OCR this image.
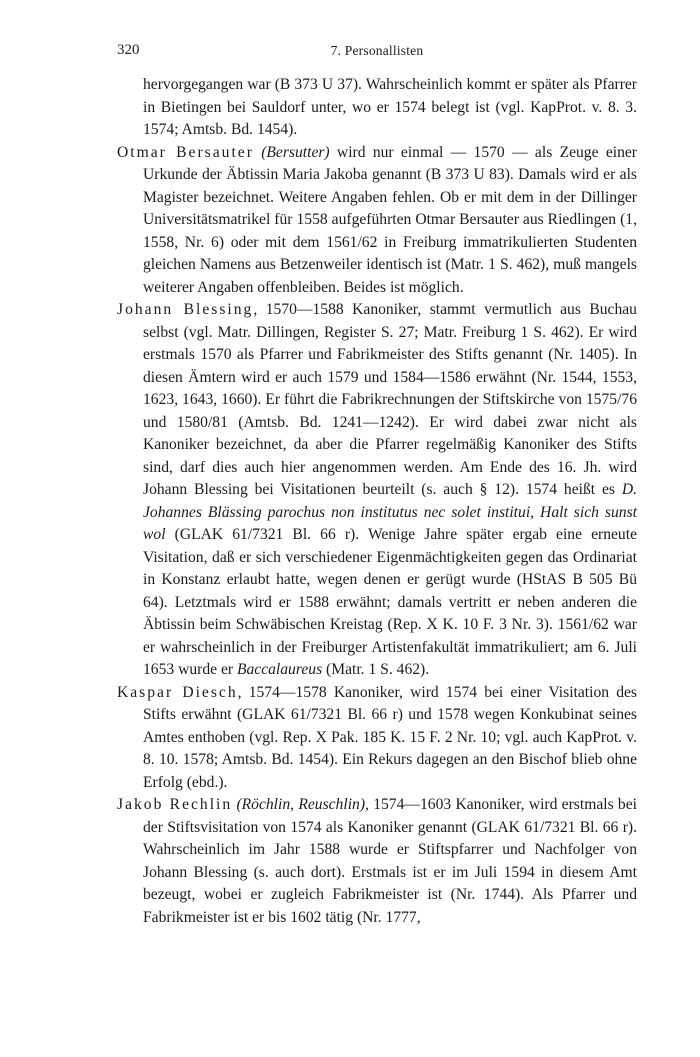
320	7. Personallisten

hervorgegangen war (B 373 U 37). Wahrscheinlich kommt er später als Pfarrer in Bietingen bei Sauldorf unter, wo er 1574 belegt ist (vgl. KapProt. v. 8. 3. 1574; Amtsb. Bd. 1454).

Otmar Bersauter (Bersutter) wird nur einmal — 1570 — als Zeuge einer Urkunde der Äbtissin Maria Jakoba genannt (B 373 U 83). Damals wird er als Magister bezeichnet. Weitere Angaben fehlen. Ob er mit dem in der Dillinger Universitätsmatrikel für 1558 aufgeführten Otmar Bersauter aus Riedlingen (1, 1558, Nr. 6) oder mit dem 1561/62 in Freiburg immatrikulierten Studenten gleichen Namens aus Betzenweiler identisch ist (Matr. 1 S. 462), muß mangels weiterer Angaben offenbleiben. Beides ist möglich.

Johann Blessing, 1570—1588 Kanoniker, stammt vermutlich aus Buchau selbst (vgl. Matr. Dillingen, Register S. 27; Matr. Freiburg 1 S. 462). Er wird erstmals 1570 als Pfarrer und Fabrikmeister des Stifts genannt (Nr. 1405). In diesen Ämtern wird er auch 1579 und 1584—1586 erwähnt (Nr. 1544, 1553, 1623, 1643, 1660). Er führt die Fabrikrechnungen der Stiftskirche von 1575/76 und 1580/81 (Amtsb. Bd. 1241—1242). Er wird dabei zwar nicht als Kanoniker bezeichnet, da aber die Pfarrer regelmäßig Kanoniker des Stifts sind, darf dies auch hier angenommen werden. Am Ende des 16. Jh. wird Johann Blessing bei Visitationen beurteilt (s. auch § 12). 1574 heißt es D. Johannes Blässing parochus non institutus nec solet institui, Halt sich sunst wol (GLAK 61/7321 Bl. 66 r). Wenige Jahre später ergab eine erneute Visitation, daß er sich verschiedener Eigenmächtigkeiten gegen das Ordinariat in Konstanz erlaubt hatte, wegen denen er gerügt wurde (HStAS B 505 Bü 64). Letztmals wird er 1588 erwähnt; damals vertritt er neben anderen die Äbtissin beim Schwäbischen Kreistag (Rep. X K. 10 F. 3 Nr. 3). 1561/62 war er wahrscheinlich in der Freiburger Artistenfakultät immatrikuliert; am 6. Juli 1653 wurde er Baccalaureus (Matr. 1 S. 462).

Kaspar Diesch, 1574—1578 Kanoniker, wird 1574 bei einer Visitation des Stifts erwähnt (GLAK 61/7321 Bl. 66 r) und 1578 wegen Konkubinat seines Amtes enthoben (vgl. Rep. X Pak. 185 K. 15 F. 2 Nr. 10; vgl. auch KapProt. v. 8. 10. 1578; Amtsb. Bd. 1454). Ein Rekurs dagegen an den Bischof blieb ohne Erfolg (ebd.).

Jakob Rechlin (Röchlin, Reuschlin), 1574—1603 Kanoniker, wird erstmals bei der Stiftsvisitation von 1574 als Kanoniker genannt (GLAK 61/7321 Bl. 66 r). Wahrscheinlich im Jahr 1588 wurde er Stiftspfarrer und Nachfolger von Johann Blessing (s. auch dort). Erstmals ist er im Juli 1594 in diesem Amt bezeugt, wobei er zugleich Fabrikmeister ist (Nr. 1744). Als Pfarrer und Fabrikmeister ist er bis 1602 tätig (Nr. 1777,
